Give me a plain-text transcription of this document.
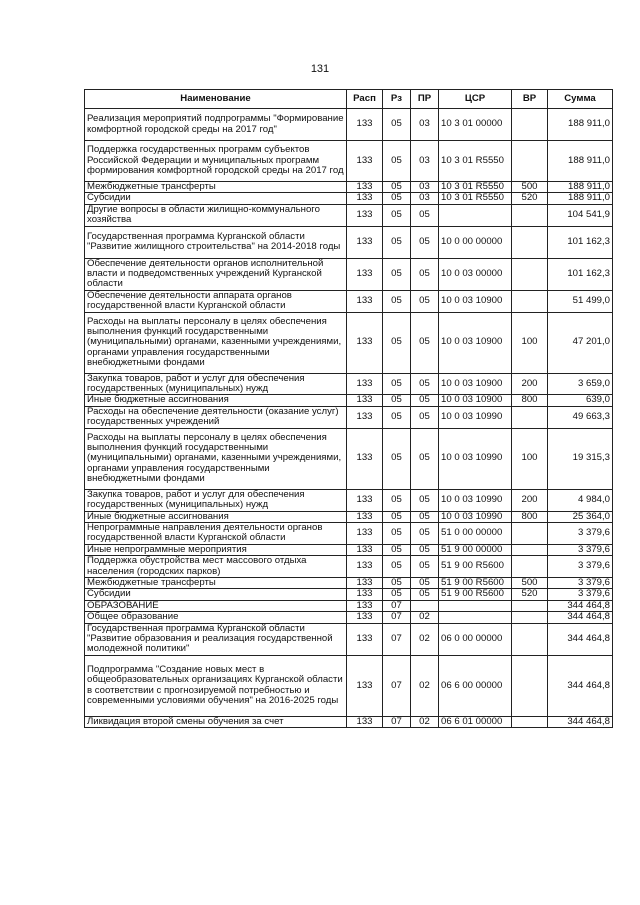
131
Наименование	Расп	Рз	ПР	ЦСР	ВР	Сумма
Реализация мероприятий подпрограммы "Формирование комфортной городской среды на 2017 год"	133	05	03	10 3 01 00000		188 911,0
Поддержка государственных программ субъектов Российской Федерации и муниципальных программ формирования комфортной городской среды на 2017 год	133	05	03	10 3 01 R5550		188 911,0
Межбюджетные трансферты	133	05	03	10 3 01 R5550	500	188 911,0
Субсидии	133	05	03	10 3 01 R5550	520	188 911,0
Другие вопросы в области жилищно-коммунального хозяйства	133	05	05			104 541,9
Государственная программа Курганской области "Развитие жилищного строительства" на 2014-2018 годы	133	05	05	10 0 00 00000		101 162,3
Обеспечение деятельности органов исполнительной власти и подведомственных учреждений Курганской области	133	05	05	10 0 03 00000		101 162,3
Обеспечение деятельности аппарата органов государственной власти Курганской области	133	05	05	10 0 03 10900		51 499,0
Расходы на выплаты персоналу в целях обеспечения выполнения функций государственными (муниципальными) органами, казенными учреждениями, органами управления государственными внебюджетными фондами	133	05	05	10 0 03 10900	100	47 201,0
Закупка товаров, работ и услуг для обеспечения государственных (муниципальных) нужд	133	05	05	10 0 03 10900	200	3 659,0
Иные бюджетные ассигнования	133	05	05	10 0 03 10900	800	639,0
Расходы на обеспечение деятельности (оказание услуг) государственных учреждений	133	05	05	10 0 03 10990		49 663,3
Расходы на выплаты персоналу в целях обеспечения выполнения функций государственными (муниципальными) органами, казенными учреждениями, органами управления государственными внебюджетными фондами	133	05	05	10 0 03 10990	100	19 315,3
Закупка товаров, работ и услуг для обеспечения государственных (муниципальных) нужд	133	05	05	10 0 03 10990	200	4 984,0
Иные бюджетные ассигнования	133	05	05	10 0 03 10990	800	25 364,0
Непрограммные направления деятельности органов государственной власти Курганской области	133	05	05	51 0 00 00000		3 379,6
Иные непрограммные мероприятия	133	05	05	51 9 00 00000		3 379,6
Поддержка обустройства мест массового отдыха населения (городских парков)	133	05	05	51 9 00 R5600		3 379,6
Межбюджетные трансферты	133	05	05	51 9 00 R5600	500	3 379,6
Субсидии	133	05	05	51 9 00 R5600	520	3 379,6
ОБРАЗОВАНИЕ	133	07				344 464,8
Общее образование	133	07	02			344 464,8
Государственная программа Курганской области "Развитие образования и реализация государственной молодежной политики"	133	07	02	06 0 00 00000		344 464,8
Подпрограмма "Создание новых мест в общеобразовательных организациях Курганской области в соответствии с прогнозируемой потребностью и современными условиями обучения" на 2016-2025 годы	133	07	02	06 6 00 00000		344 464,8
Ликвидация второй смены обучения за счет	133	07	02	06 6 01 00000		344 464,8
